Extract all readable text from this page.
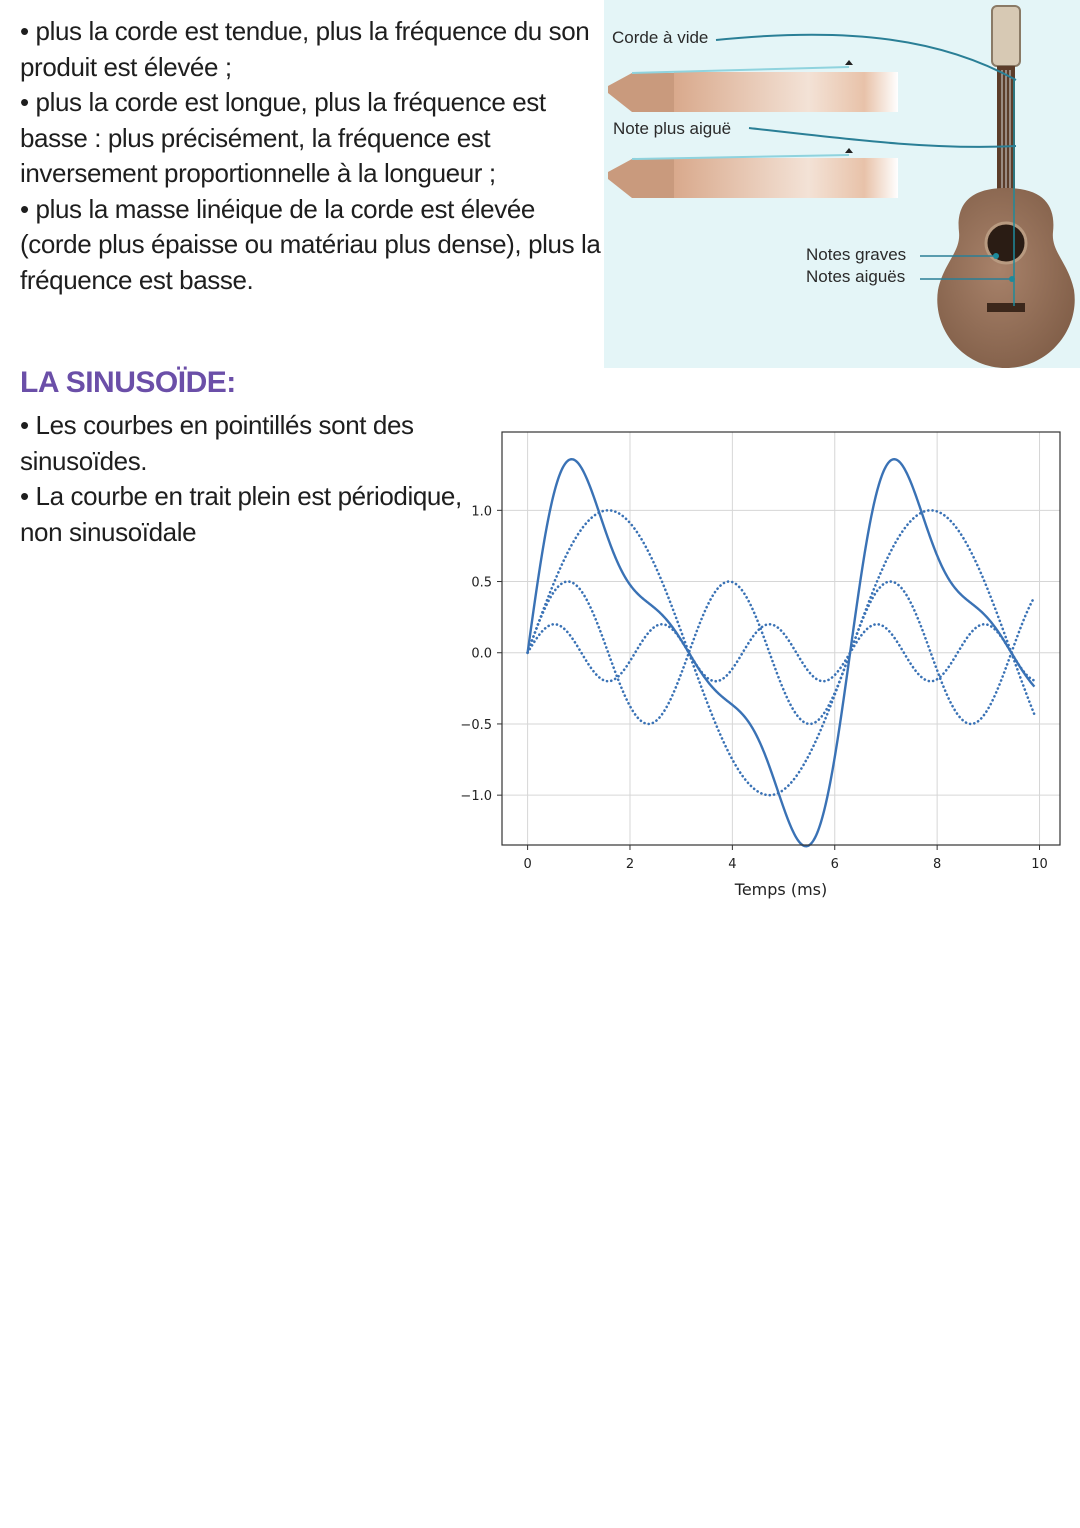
• plus la corde est tendue, plus la fréquence du son produit est élevée ;

• plus la corde est longue, plus la fréquence est basse : plus précisément, la fréquence est inversement proportionnelle à la longueur ;

• plus la masse linéique de la corde est élevée (corde plus épaisse ou matériau plus dense), plus la fréquence est basse.

Corde à vide
Note plus aiguë
Notes graves
Notes aiguës
LA SINUSOÏDE:

• Les courbes en pointillés sont des sinusoïdes.

• La courbe en trait plein est périodique, non sinusoïdale

0	2	4	6	8	10
−1.0
−0.5
0.0
0.5
1.0
Temps (ms)
